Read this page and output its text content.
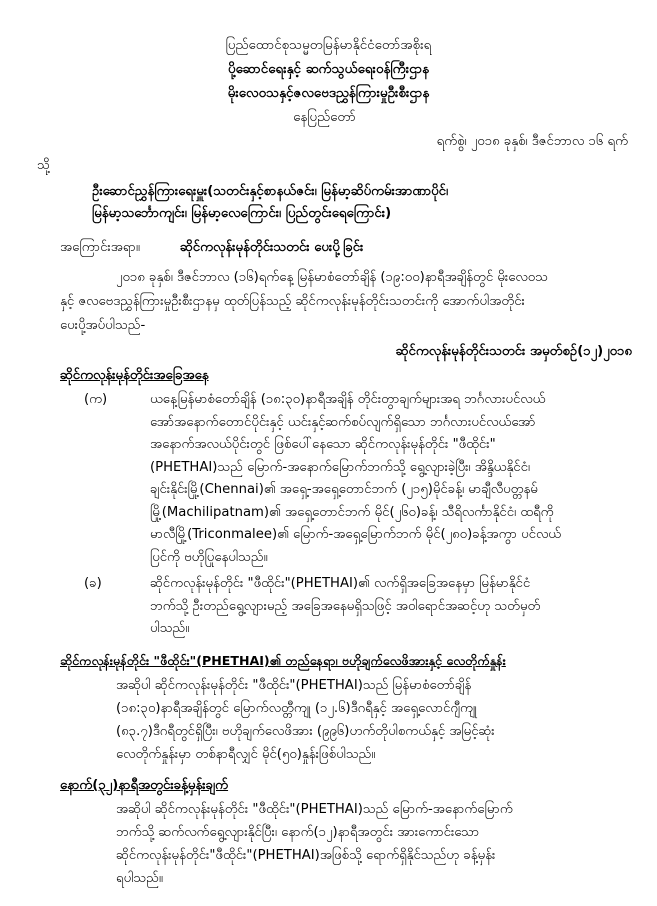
ပြည်ထောင်စုသမ္မတမြန်မာနိုင်ငံတော်အစိုးရ
ပို့ဆောင်ရေးနှင့် ဆက်သွယ်ရေးဝန်ကြီးဌာန
မိုးလေဝသနှင့်ဇလဗေဒညွှန်ကြားမှုဦးစီးဌာန
နေပြည်တော်
ရက်စွဲ၊ ၂၀၁၈ ခုနှစ်၊ ဒီဇင်ဘာလ ၁၆ ရက်
သို့
ဦးဆောင်ညွှန်ကြားရေးမှူး(သတင်းနှင့်စာနယ်ဇင်း၊ မြန်မာ့ဆိပ်ကမ်းအာဏာပိုင်၊
မြန်မာ့သင်္ဘောကျင်း၊ မြန်မာ့လေကြောင်း၊ ပြည်တွင်းရေကြောင်း)
အကြောင်းအရာ။	ဆိုင်ကလုန်းမုန်တိုင်းသတင်း ပေးပို့ခြင်း
၂၀၁၈ ခုနှစ်၊ ဒီဇင်ဘာလ (၁၆)ရက်နေ့ မြန်မာစံတော်ချိန် (၁၉:၀၀)နာရီအချိန်တွင် မိုးလေဝသ
နှင့် ဇလဗေဒညွှန်ကြားမှုဦးစီးဌာနမှ ထုတ်ပြန်သည့် ဆိုင်ကလုန်းမုန်တိုင်းသတင်းကို အောက်ပါအတိုင်း
ပေးပို့အပ်ပါသည်-
ဆိုင်ကလုန်းမုန်တိုင်းသတင်း အမှတ်စဉ်(၁၂)၂၀၁၈
ဆိုင်ကလုန်းမုန်တိုင်းအခြေအနေ
(က)	ယနေ့မြန်မာစံတော်ချိန် (၁၈:၃၀)နာရီအချိန် တိုင်းတွာချက်များအရ ဘင်္ဂလားပင်လယ်
အော်အနောက်တောင်ပိုင်းနှင့် ယင်းနှင့်ဆက်စပ်လျက်ရှိသော ဘင်္ဂလားပင်လယ်အော်
အနောက်အလယ်ပိုင်းတွင် ဖြစ်ပေါ်နေသော ဆိုင်ကလုန်းမုန်တိုင်း "ဖီထိုင်း"
(PHETHAI)သည် မြောက်-အနောက်မြောက်ဘက်သို့ ရွေ့လျားခဲ့ပြီး၊ အိန္ဒိယနိုင်ငံ၊
ချင်းနိုင်းမြို့(Chennai)၏ အရှေ့-အရှေ့တောင်ဘက် (၂၁၅)မိုင်ခန့်၊ မာချီလီပတ္တနမ်
မြို့(Machilipatnam)၏ အရှေ့တောင်ဘက် မိုင်(၂၆၀)ခန့်၊ သီရိလင်္ကာနိုင်ငံ၊ ထရီကို
မာလီမြို့(Triconmalee)၏ မြောက်-အရှေ့မြောက်ဘက် မိုင်(၂၈၀)ခန့်အကွာ ပင်လယ်
ပြင်ကို ဗဟိုပြုနေပါသည်။
(ခ)	ဆိုင်ကလုန်းမုန်တိုင်း "ဖီထိုင်း"(PHETHAI)၏ လက်ရှိအခြေအနေမှာ မြန်မာနိုင်ငံ
ဘက်သို့ ဦးတည်ရွေ့လျားမည့် အခြေအနေမရှိသဖြင့် အဝါရောင်အဆင့်ဟု သတ်မှတ်
ပါသည်။
ဆိုင်ကလုန်းမုန်တိုင်း "ဖီထိုင်း"(PHETHAI)၏ တည်နေရာ၊ ဗဟိုချက်လေဖိအားနှင့် လေတိုက်နှုန်း
အဆိုပါ ဆိုင်ကလုန်းမုန်တိုင်း "ဖီထိုင်း"(PHETHAI)သည် မြန်မာစံတော်ချိန်
(၁၈:၃၀)နာရီအချိန်တွင် မြောက်လတ္တီကျု (၁၂.၆)ဒီဂရီနှင့် အရှေ့လောင်ဂျီကျု
(၈၃.၇)ဒီဂရီတွင်ရှိပြီး၊ ဗဟိုချက်လေဖိအား (၉၉၆)ဟက်တိုပါစကယ်နှင့် အမြင့်ဆုံး
လေတိုက်နှုန်းမှာ တစ်နာရီလျှင် မိုင်(၅၀)နှုန်းဖြစ်ပါသည်။
နောက်(၃၂)နာရီအတွင်းခန့်မှန်းချက်
အဆိုပါ ဆိုင်ကလုန်းမုန်တိုင်း "ဖီထိုင်း"(PHETHAI)သည် မြောက်-အနောက်မြောက်
ဘက်သို့ ဆက်လက်ရွေ့လျားနိုင်ပြီး၊ နောက်(၁၂)နာရီအတွင်း အားကောင်းသော
ဆိုင်ကလုန်းမုန်တိုင်း"ဖီထိုင်း"(PHETHAI)အဖြစ်သို့ ရောက်ရှိနိုင်သည်ဟု ခန့်မှန်း
ရပါသည်။
